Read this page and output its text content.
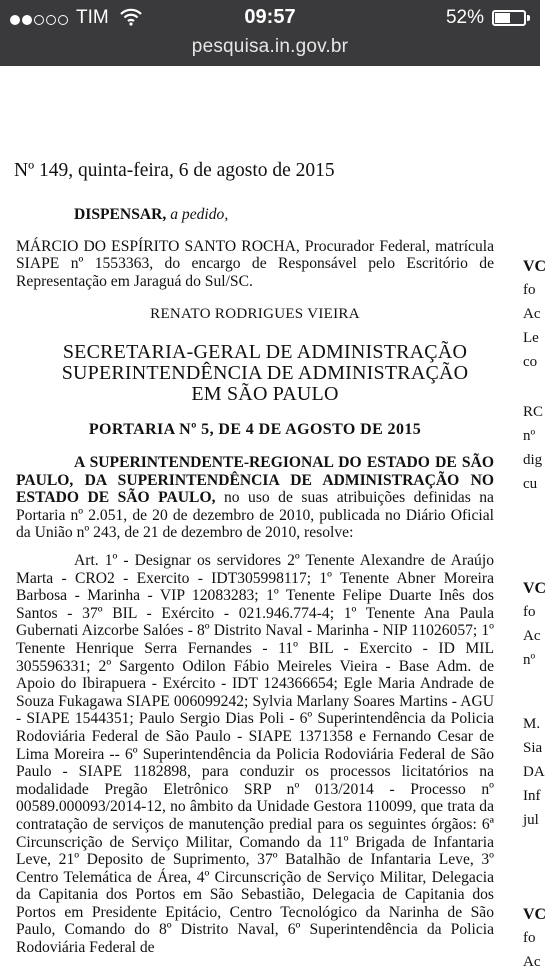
TIM	09:57	52%
pesquisa.in.gov.br
Nº 149, quinta-feira, 6 de agosto de 2015

DISPENSAR, a pedido,

MÁRCIO DO ESPÍRITO SANTO ROCHA, Procurador Federal, matrícula SIAPE nº 1553363, do encargo de Responsável pelo Escritório de Representação em Jaraguá do Sul/SC.

RENATO RODRIGUES VIEIRA
SECRETARIA-GERAL DE ADMINISTRAÇÃO
SUPERINTENDÊNCIA DE ADMINISTRAÇÃO
EM SÃO PAULO
PORTARIA Nº 5, DE 4 DE AGOSTO DE 2015

A SUPERINTENDENTE-REGIONAL DO ESTADO DE SÃO PAULO, DA SUPERINTENDÊNCIA DE ADMINISTRAÇÃO NO ESTADO DE SÃO PAULO, no uso de suas atribuições definidas na Portaria nº 2.051, de 20 de dezembro de 2010, publicada no Diário Oficial da União nº 243, de 21 de dezembro de 2010, resolve:

Art. 1º - Designar os servidores 2º Tenente Alexandre de Araújo Marta - CRO2 - Exercito - IDT305998117; 1º Tenente Abner Moreira Barbosa - Marinha - VIP 12083283; 1º Tenente Felipe Duarte Inês dos Santos - 37º BIL - Exército - 021.946.774-4; 1º Tenente Ana Paula Gubernati Aizcorbe Salóes - 8º Distrito Naval - Marinha - NIP 11026057; 1º Tenente Henrique Serra Fernandes - 11º BIL - Exercito - ID MIL 305596331; 2º Sargento Odilon Fábio Meireles Vieira - Base Adm. de Apoio do Ibirapuera - Exército - IDT 124366654; Egle Maria Andrade de Souza Fukagawa SIAPE 006099242; Sylvia Marlany Soares Martins - AGU - SIAPE 1544351; Paulo Sergio Dias Poli - 6º Superintendência da Policia Rodoviária Federal de São Paulo - SIAPE 1371358 e Fernando Cesar de Lima Moreira -- 6º Superintendência da Policia Rodoviária Federal de São Paulo - SIAPE 1182898, para conduzir os processos licitatórios na modalidade Pregão Eletrônico SRP nº 013/2014 - Processo nº 00589.000093/2014-12, no âmbito da Unidade Gestora 110099, que trata da contratação de serviços de manutenção predial para os seguintes órgãos: 6ª Circunscrição de Serviço Militar, Comando da 11º Brigada de Infantaria Leve, 21º Deposito de Suprimento, 37º Batalhão de Infantaria Leve, 3º Centro Telemática de Área, 4º Circunscrição de Serviço Militar, Delegacia da Capitania dos Portos em São Sebastião, Delegacia de Capitania dos Portos em Presidente Epitácio, Centro Tecnológico da Narinha de São Paulo, Comando do 8º Distrito Naval, 6º Superintendência da Policia Rodoviária Federal de

VC
fo
Ac
Le
co
RC
nº
dig
cu
VC
fo
Ac
nº
M.
Sia
DA
Inf
jul
VC
fo
Ac
